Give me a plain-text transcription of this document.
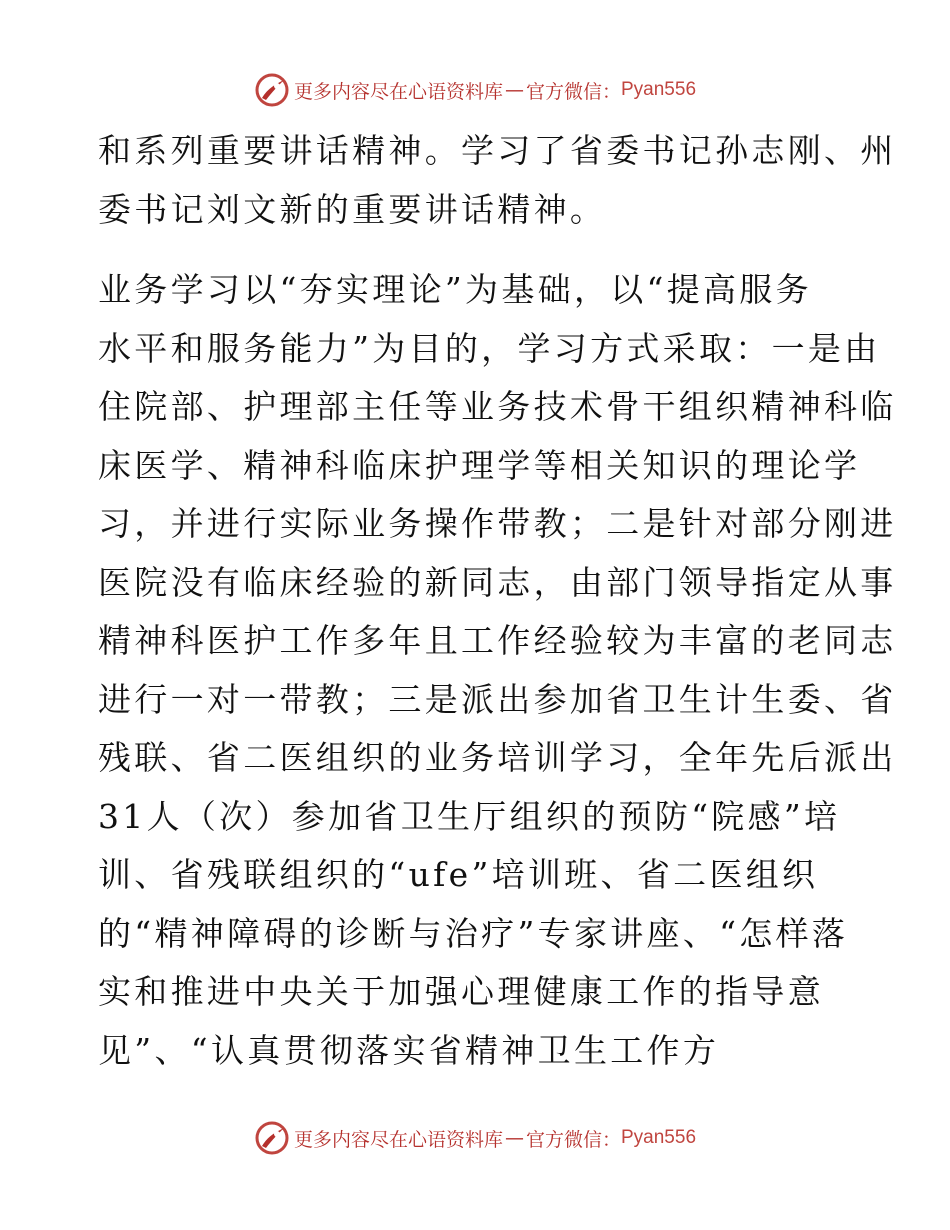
更多内容尽在心语资料库 — 官方微信： Pyan556
和系列重要讲话精神。学习了省委书记孙志刚、州
委书记刘文新的重要讲话精神。
业务学习以“夯实理论”为基础，以“提高服务
水平和服务能力”为目的，学习方式采取：一是由
住院部、护理部主任等业务技术骨干组织精神科临
床医学、精神科临床护理学等相关知识的理论学
习，并进行实际业务操作带教；二是针对部分刚进
医院没有临床经验的新同志，由部门领导指定从事
精神科医护工作多年且工作经验较为丰富的老同志
进行一对一带教；三是派出参加省卫生计生委、省
残联、省二医组织的业务培训学习，全年先后派出
31人（次）参加省卫生厅组织的预防“院感”培
训、省残联组织的“ufe”培训班、省二医组织
的“精神障碍的诊断与治疗”专家讲座、“怎样落
实和推进中央关于加强心理健康工作的指导意
见”、“认真贯彻落实省精神卫生工作方
更多内容尽在心语资料库 — 官方微信： Pyan556
